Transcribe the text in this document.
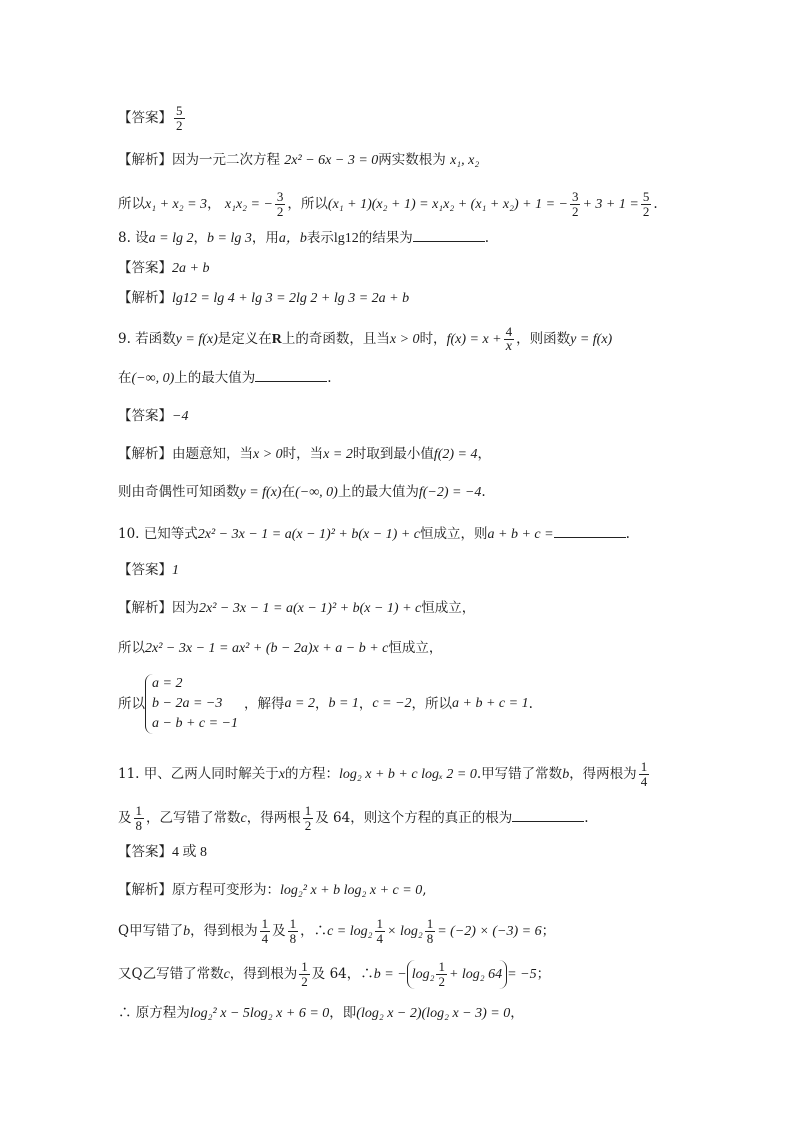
【答案】 $\frac{5}{2}$
【解析】因为一元二次方程 2x² − 6x − 3 = 0两实数根为 x₁, x₂
所以x₁ + x₂ = 3， x₁x₂ = − $\frac{3}{2}$ ，所以(x₁ + 1)(x₂ + 1) = x₁x₂ + (x₁ + x₂) + 1 = − $\frac{3}{2} + 3 + 1 = \frac{5}{2}$ .
8. 设a = lg 2，b = lg 3，用a，b表示lg12的结果为	.
【答案】2a + b
【解析】lg12 = lg 4 + lg 3 = 2lg 2 + lg 3 = 2a + b
9. 若函数y = f(x)是定义在R上的奇函数，且当x > 0时，$f(x) = x + \frac{4}{x}$ ，则函数y = f(x)
在(−∞, 0)上的最大值为	.
【答案】−4
【解析】由题意知，当x > 0时，当x = 2时取到最小值f(2) = 4，
则由奇偶性可知函数y = f(x)在(−∞, 0)上的最大值为f(−2) = −4.
10. 已知等式2x² − 3x − 1 = a(x − 1)² + b(x − 1) + c恒成立，则a + b + c =	.
【答案】1
【解析】因为2x² − 3x − 1 = a(x − 1)² + b(x − 1) + c恒成立，
所以2x² − 3x − 1 = ax² + (b − 2a)x + a − b + c恒成立，
所以
a = 2
b − 2a = −3
a − b + c = −1
，解得a = 2，b = 1，c = −2，所以a + b + c = 1.
11. 甲、乙两人同时解关于x的方程：log₂ x + b + c logₓ 2 = 0.甲写错了常数b，得两根为 $\frac{1}{4}$
及 $\frac{1}{8}$ ，乙写错了常数c，得两根 $\frac{1}{2}$ 及 64，则这个方程的真正的根为	.
【答案】4 或 8
【解析】原方程可变形为：log₂² x + b log₂ x + c = 0,
Q甲写错了b，得到根为 $\frac{1}{4}$ 及 $\frac{1}{8}$ ，∴c = $\log_2 \frac{1}{4} \times \log_2 \frac{1}{8} = (-2) \times (-3) = 6$；
又Q乙写错了常数c，得到根为 $\frac{1}{2}$ 及 64，∴b = − $\log_2 \frac{1}{2} + \log_2$ 64 = −5；
∴ 原方程为log₂² x − 5log₂ x + 6 = 0，即(log₂ x − 2)(log₂ x − 3) = 0，
